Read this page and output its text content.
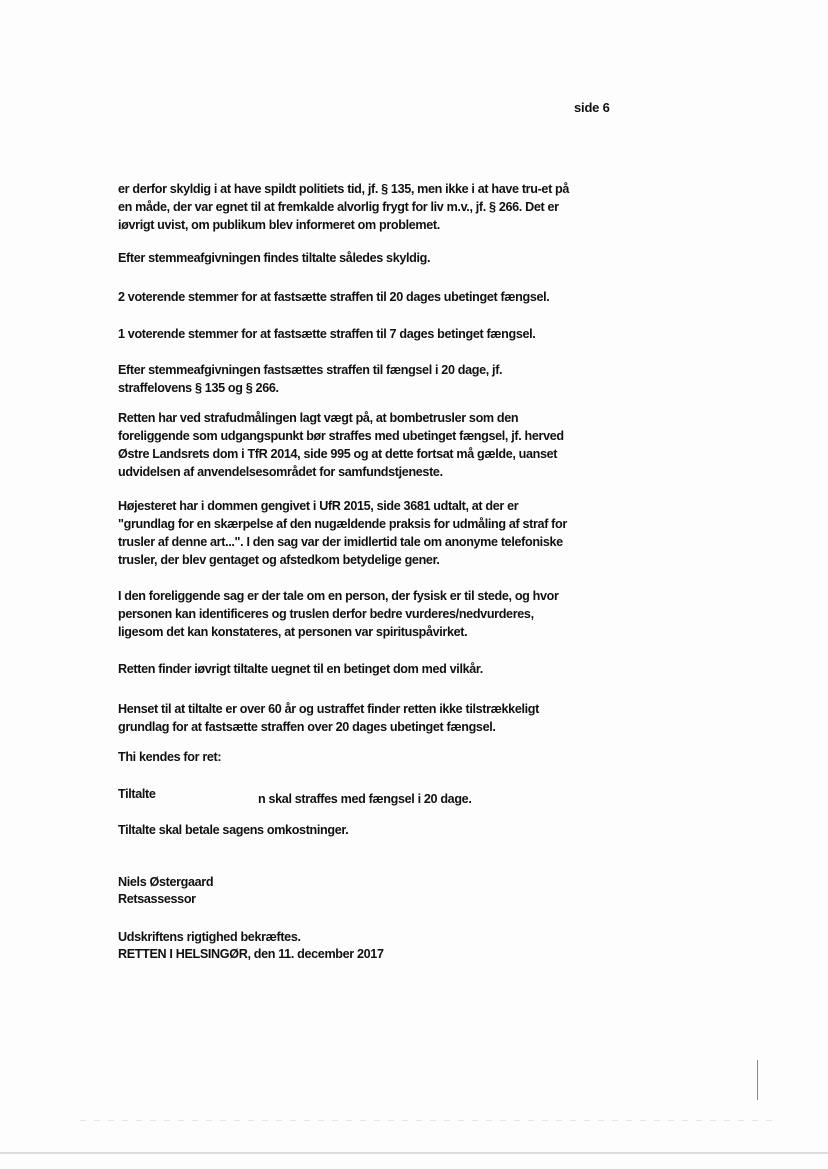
side 6
er derfor skyldig i at have spildt politiets tid, jf. § 135, men ikke i at have tru-et på en måde, der var egnet til at fremkalde alvorlig frygt for liv m.v., jf. § 266. Det er iøvrigt uvist, om publikum blev informeret om problemet.
Efter stemmeafgivningen findes tiltalte således skyldig.
2 voterende stemmer for at fastsætte straffen til 20 dages ubetinget fængsel.
1 voterende stemmer for at fastsætte straffen til 7 dages betinget fængsel.
Efter stemmeafgivningen fastsættes straffen til fængsel i 20 dage, jf. straffelovens § 135 og § 266.
Retten har ved strafudmålingen lagt vægt på, at bombetrusler som den foreliggende som udgangspunkt bør straffes med ubetinget fængsel, jf. herved Østre Landsrets dom i TfR 2014, side 995 og at dette fortsat må gælde, uanset udvidelsen af anvendelsesområdet for samfundstjeneste.
Højesteret har i dommen gengivet i UfR 2015, side 3681 udtalt, at der er "grundlag for en skærpelse af den nugældende praksis for udmåling af straf for trusler af denne art...". I den sag var der imidlertid tale om anonyme telefoniske trusler, der blev gentaget og afstedkom betydelige gener.
I den foreliggende sag er der tale om en person, der fysisk er til stede, og hvor personen kan identificeres og truslen derfor bedre vurderes/nedvurderes, ligesom det kan konstateres, at personen var spirituspåvirket.
Retten finder iøvrigt tiltalte uegnet til en betinget dom med vilkår.
Henset til at tiltalte er over 60 år og ustraffet finder retten ikke tilstrækkeligt grundlag for at fastsætte straffen over 20 dages ubetinget fængsel.
Thi kendes for ret:
Tiltalte	n skal straffes med fængsel i 20 dage.
Tiltalte skal betale sagens omkostninger.
Niels Østergaard
Retsassessor
Udskriftens rigtighed bekræftes.
RETTEN I HELSINGØR, den 11. december 2017
